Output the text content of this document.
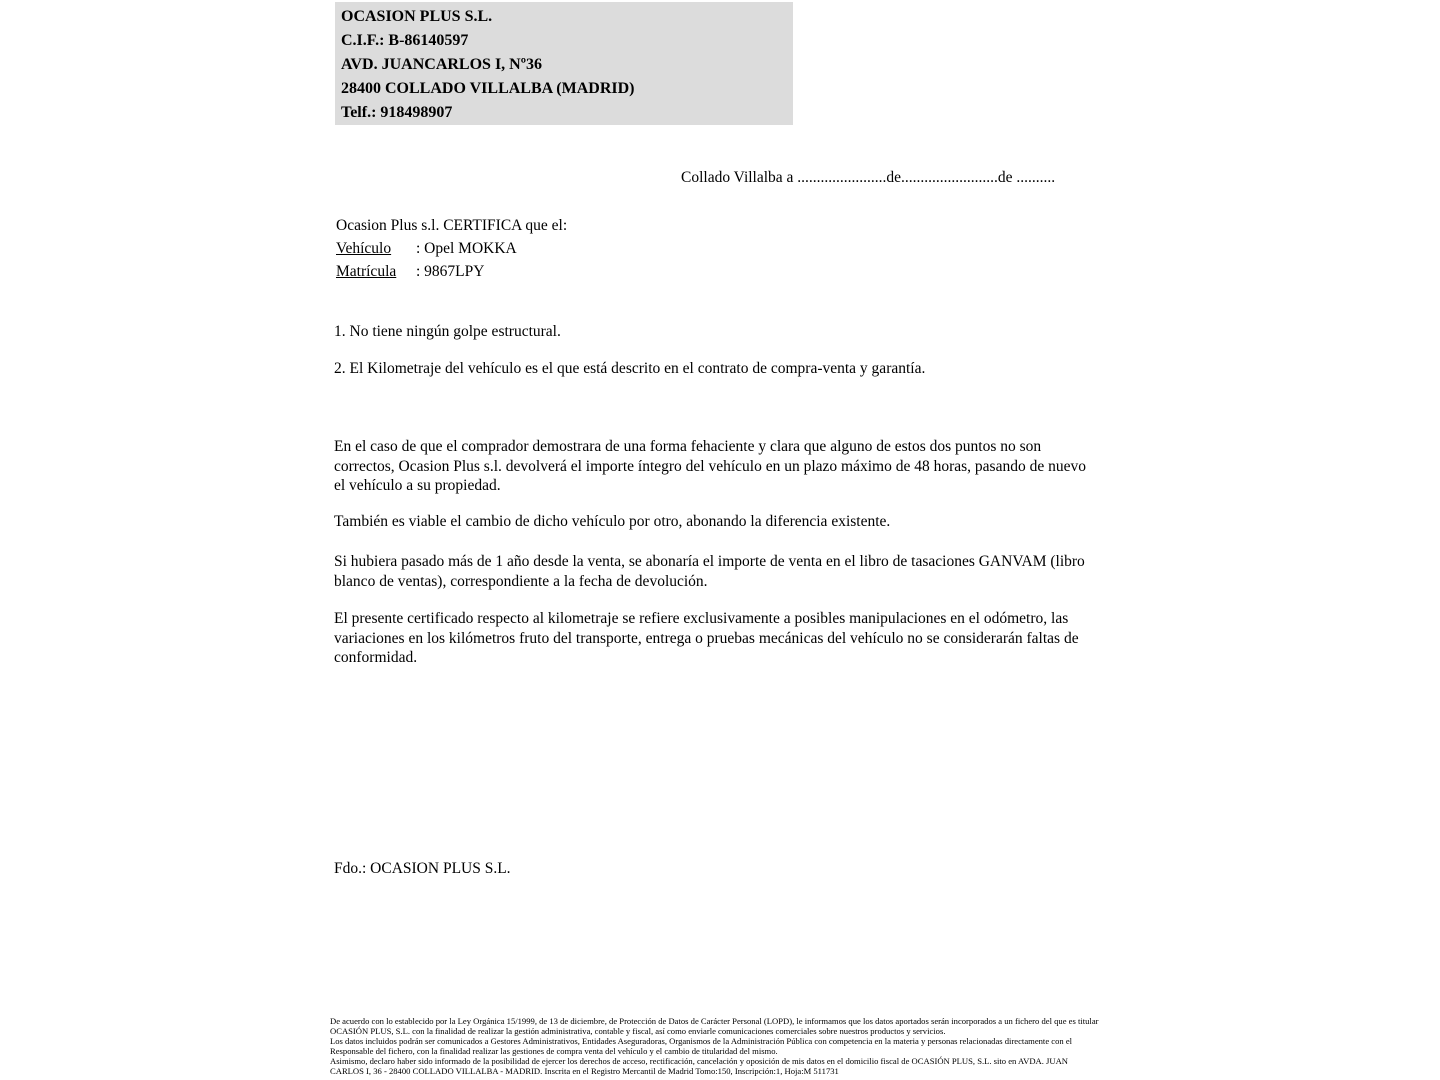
OCASION PLUS S.L.
C.I.F.: B-86140597
AVD. JUANCARLOS I, Nº36
28400 COLLADO VILLALBA (MADRID)
Telf.: 918498907
Collado Villalba a .......................de.........................de ..........
Ocasion Plus s.l. CERTIFICA que el:
Vehículo	: Opel MOKKA
Matrícula	: 9867LPY
1. No tiene ningún golpe estructural.
2. El Kilometraje del vehículo es el que está descrito en el contrato de compra-venta y garantía.
En el caso de que el comprador demostrara de una forma fehaciente y clara que alguno de estos dos puntos no son correctos, Ocasion Plus s.l. devolverá el importe íntegro del vehículo en un plazo máximo de 48 horas, pasando de nuevo el vehículo a su propiedad.
También es viable el cambio de dicho vehículo por otro, abonando la diferencia existente.
Si hubiera pasado más de 1 año desde la venta, se abonaría el importe de venta en el libro de tasaciones GANVAM (libro blanco de ventas), correspondiente a la fecha de devolución.
El presente certificado respecto al kilometraje se refiere exclusivamente a posibles manipulaciones en el odómetro, las variaciones en los kilómetros fruto del transporte, entrega o pruebas mecánicas del vehículo no se considerarán faltas de conformidad.
Fdo.: OCASION PLUS S.L.
De acuerdo con lo establecido por la Ley Orgánica 15/1999, de 13 de diciembre, de Protección de Datos de Carácter Personal (LOPD), le informamos que los datos aportados serán incorporados a un fichero del que es titular OCASIÓN PLUS, S.L. con la finalidad de realizar la gestión administrativa, contable y fiscal, así como enviarle comunicaciones comerciales sobre nuestros productos y servicios.
Los datos incluidos podrán ser comunicados a Gestores Administrativos, Entidades Aseguradoras, Organismos de la Administración Pública con competencia en la materia y personas relacionadas directamente con el Responsable del fichero, con la finalidad realizar las gestiones de compra venta del vehículo y el cambio de titularidad del mismo.
Asimismo, declaro haber sido informado de la posibilidad de ejercer los derechos de acceso, rectificación, cancelación y oposición de mis datos en el domicilio fiscal de OCASIÓN PLUS, S.L. sito en AVDA. JUAN CARLOS I, 36 - 28400 COLLADO VILLALBA - MADRID. Inscrita en el Registro Mercantil de Madrid Tomo:150, Inscripción:1, Hoja:M 511731
